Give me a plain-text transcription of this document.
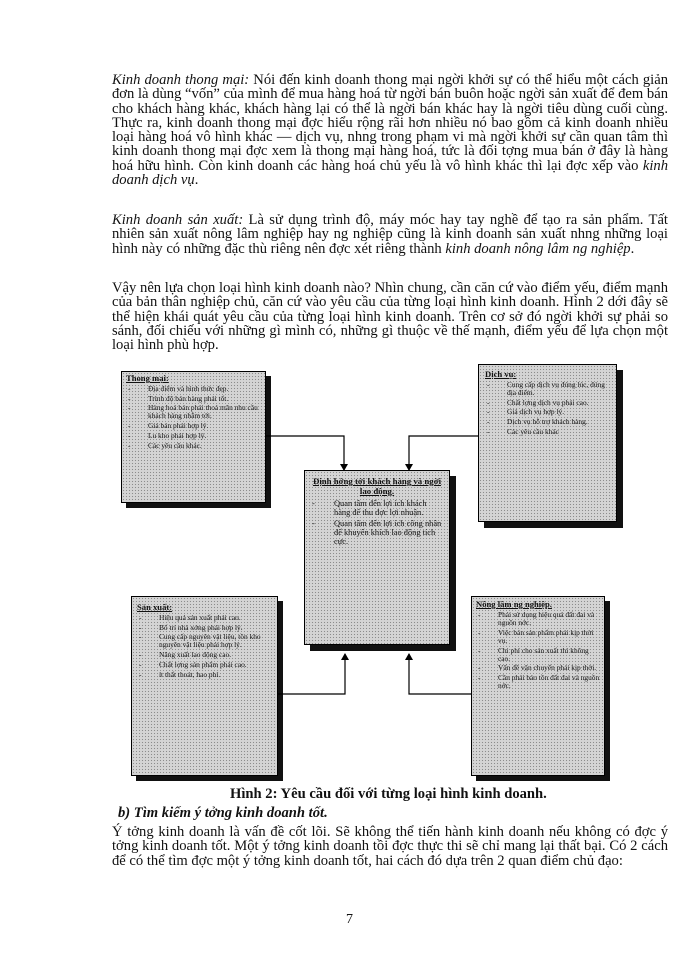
Kinh doanh thong mại: Nói đến kinh doanh thong mại ngời khởi sự có thể hiểu một cách giản đơn là dùng “vốn” của mình để mua hàng hoá từ ngời bán buôn hoặc ngời sản xuất để đem bán cho khách hàng khác, khách hàng lại có thể là ngời bán khác hay là ngời tiêu dùng cuối cùng. Thực ra, kinh doanh thong mại đợc hiểu rộng rãi hơn nhiều nó bao gồm cả kinh doanh nhiều loại hàng hoá vô hình khác — dịch vụ, nhng trong phạm vi mà ngời khởi sự cần quan tâm thì kinh doanh thong mại đợc xem là thong mại hàng hoá, tức là đối tợng mua bán ở đây là hàng hoá hữu hình. Còn kinh doanh các hàng hoá chủ yếu là vô hình khác thì lại đợc xếp vào kinh doanh dịch vụ.

Kinh doanh sản xuất: Là sử dụng trình độ, máy móc hay tay nghề để tạo ra sản phẩm. Tất nhiên sản xuất nông lâm nghiệp hay ng nghiệp cũng là kinh doanh sản xuất nhng những loại hình này có những đặc thù riêng nên đợc xét riêng thành kinh doanh nông lâm ng nghiệp.

Vậy nên lựa chọn loại hình kinh doanh nào? Nhìn chung, cần căn cứ vào điểm yếu, điểm mạnh của bản thân nghiệp chủ, căn cứ vào yêu cầu của từng loại hình kinh doanh. Hình 2 dới đây sẽ thể hiện khái quát yêu cầu của từng loại hình kinh doanh. Trên cơ sở đó ngời khởi sự phải so sánh, đối chiếu với những gì mình có, những gì thuộc về thế mạnh, điểm yếu để lựa chọn một loại hình phù hợp.

Thong mại:
- Địa điểm và hình thức đẹp.
- Trình độ bán hàng phải tốt.
- Hàng hoá bán phải thoả mãn nhu cầu khách hàng nhắm tới.
- Giá bán phải hợp lý.
- Lu kho phải hợp lý.
- Các yêu cầu khác.
Dịch vụ:
- Cung cấp dịch vụ đúng lúc, đúng địa điểm.
- Chất lợng dịch vụ phải cao.
- Giá dịch vụ hợp lý.
- Dịch vụ hỗ trợ khách hàng.
- Các yêu cầu khác
Định hớng tới khách hàng và ngời lao động.
- Quan tâm đến lợi ích khách hàng để thu đợc lợi nhuận.
- Quan tâm đến lợi ích công nhân để khuyến khích lao động tích cực.
Sản xuất:
- Hiệu quả sản xuất phải cao.
- Bố trí nhà xởng phải hợp lý.
- Cung cấp nguyên vật liệu, tồn kho nguyên vật liệu phải hợp lý.
- Năng xuất lao động cao.
- Chất lợng sản phẩm phải cao.
- ít thất thoát, hao phí.
Nông lâm ng nghiệp.
- Phải sử dụng hiệu quả đất đai và nguồn nớc.
- Việc bán sản phẩm phải kịp thời vụ.
- Chi phí cho sản xuất thì không cao.
- Vấn đề vận chuyển phải kịp thời.
- Cần phải bảo tồn đất đai và nguồn nớc.

Hình 2: Yêu cầu đối với từng loại hình kinh doanh.

b) Tìm kiếm ý tởng kinh doanh tốt.

Ý tởng kinh doanh là vấn đề cốt lõi. Sẽ không thể tiến hành kinh doanh nếu không có đợc ý tởng kinh doanh tốt. Một ý tởng kinh doanh tồi đợc thực thi sẽ chỉ mang lại thất bại. Có 2 cách để có thể tìm đợc một ý tởng kinh doanh tốt, hai cách đó dựa trên 2 quan điểm chủ đạo:

7
